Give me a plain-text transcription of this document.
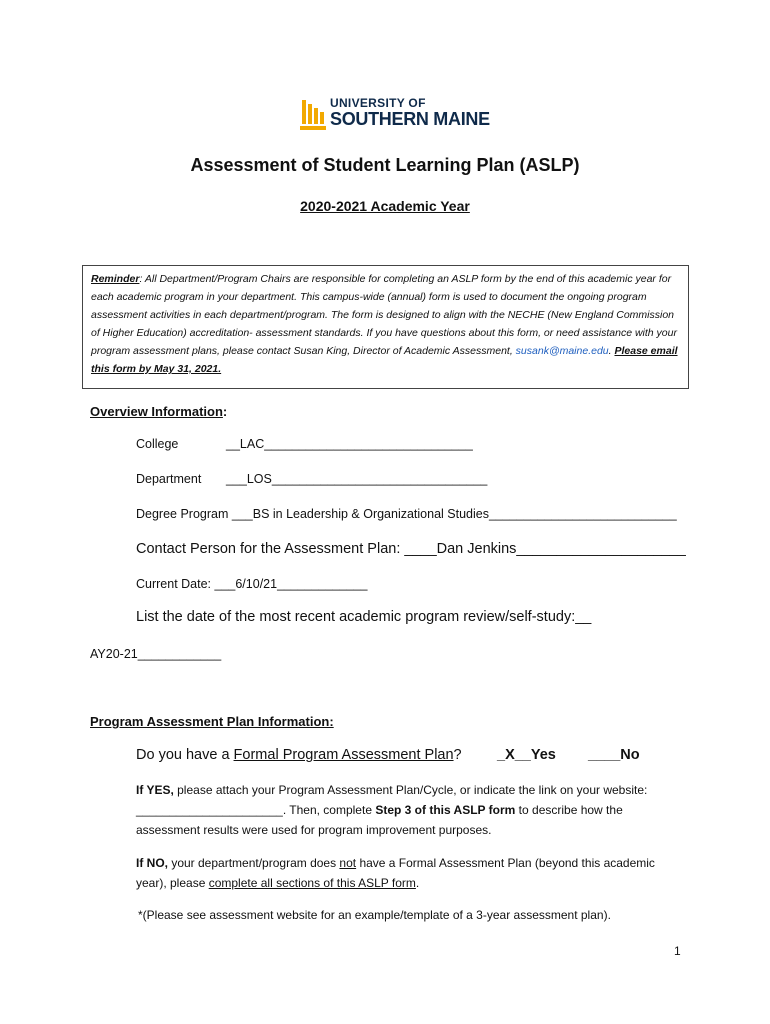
UNIVERSITY OF
SOUTHERN MAINE
Assessment of Student Learning Plan (ASLP)
2020-2021 Academic Year
Reminder: All Department/Program Chairs are responsible for completing an ASLP form by the end of this academic year for each academic program in your department. This campus-wide (annual) form is used to document the ongoing program assessment activities in each department/program. The form is designed to align with the NECHE (New England Commission of Higher Education) accreditation- assessment standards. If you have questions about this form, or need assistance with your program assessment plans, please contact Susan King, Director of Academic Assessment, susank@maine.edu. Please email this form by May 31, 2021.
Overview Information:
College	__LAC______________________________
Department ___LOS_______________________________
Degree Program ___BS in Leadership & Organizational Studies___________________________
Contact Person for the Assessment Plan: ____Dan Jenkins_____________________
Current Date: ___6/10/21_____________
List the date of the most recent academic program review/self-study:__
AY20-21____________
Program Assessment Plan Information:
Do you have a Formal Program Assessment Plan? _X__Yes ____No
If YES, please attach your Program Assessment Plan/Cycle, or indicate the link on your website: ______________________. Then, complete Step 3 of this ASLP form to describe how the assessment results were used for program improvement purposes.
If NO, your department/program does not have a Formal Assessment Plan (beyond this academic year), please complete all sections of this ASLP form.
*(Please see assessment website for an example/template of a 3-year assessment plan).
1
